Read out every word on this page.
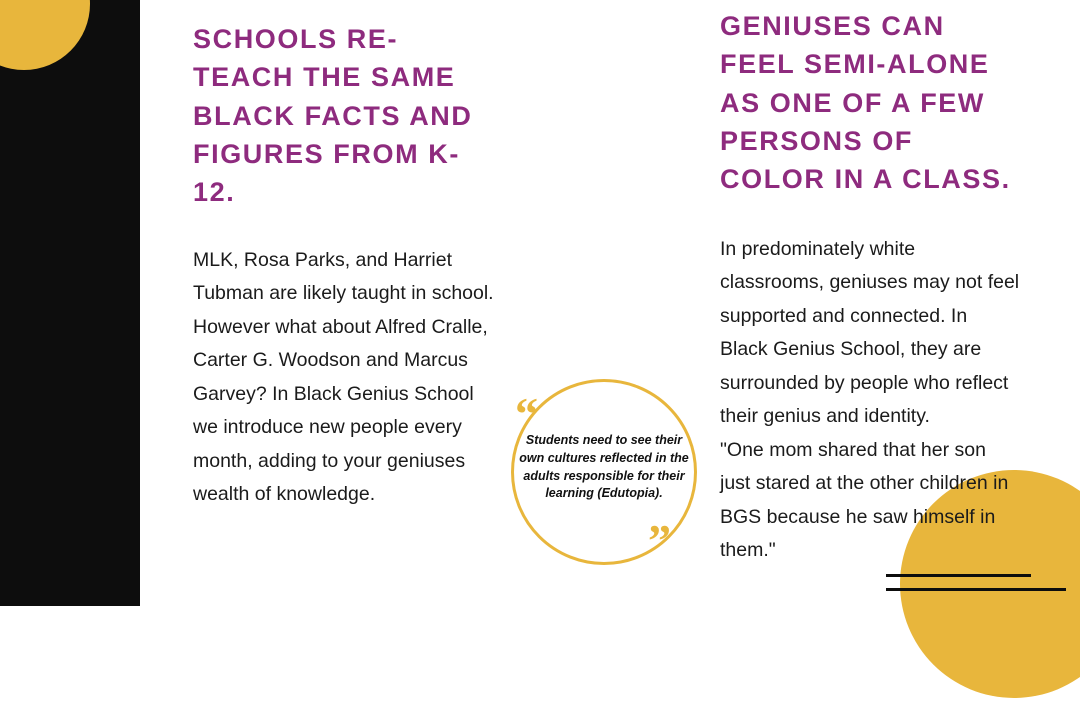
SCHOOLS RE-TEACH THE SAME BLACK FACTS AND FIGURES FROM K-12.

MLK, Rosa Parks, and Harriet Tubman are likely taught in school. However what about Alfred Cralle, Carter G. Woodson and Marcus Garvey? In Black Genius School we introduce new people every month, adding to your geniuses wealth of knowledge.

“
Students need to see their own cultures reflected in the adults responsible for their learning (Edutopia).
”
GENIUSES CAN FEEL SEMI-ALONE AS ONE OF A FEW PERSONS OF COLOR IN A CLASS.

In predominately white classrooms, geniuses may not feel supported and connected. In Black Genius School, they are surrounded by people who reflect their genius and identity.

"One mom shared that her son just stared at the other children in BGS because he saw himself in them."
